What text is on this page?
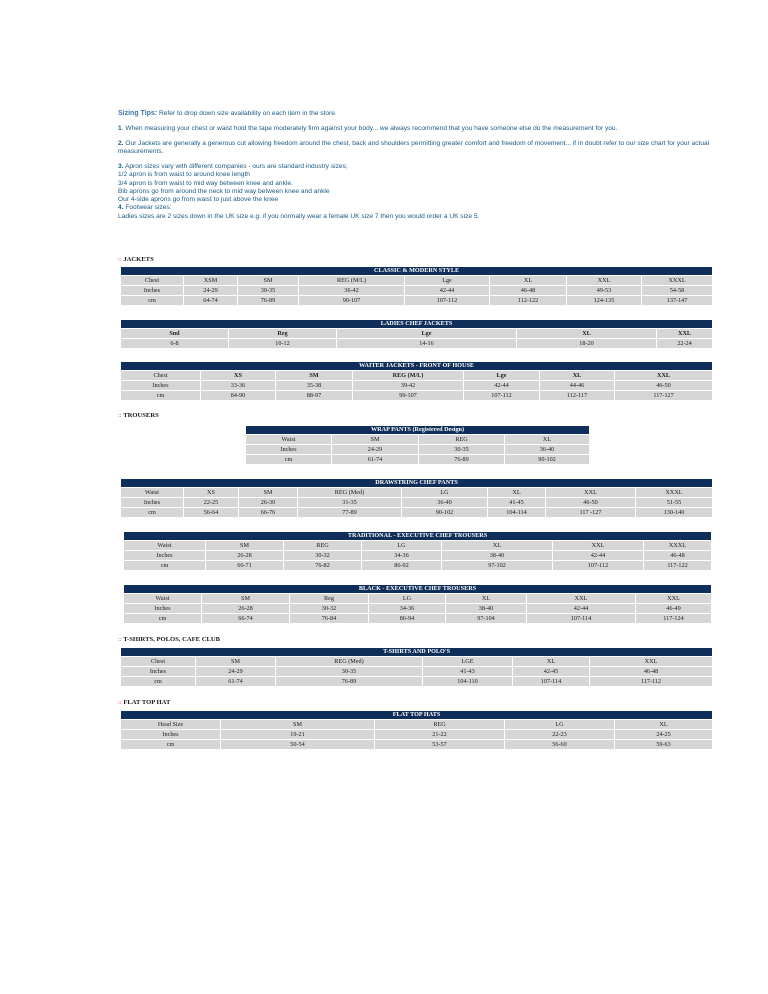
Sizing Tips: Refer to drop down size availability on each item in the store.

1. When measuring your chest or waist hold the tape moderately firm against your body... we always recommend that you have someone else do the measurement for you.

2. Our Jackets are generally a generous cut allowing freedom around the chest, back and shoulders permitting greater comfort and freedom of movement... if in doubt refer to our size chart for your actual measurements.

3. Apron sizes vary with different companies - ours are standard industry sizes;

1/2 apron is from waist to around knee length

3/4 apron is from waist to mid way between knee and ankle.

Bib aprons go from around the neck to mid way between knee and ankle

Our 4-side aprons go from waist to just above the knee

4. Footwear sizes:

Ladies sizes are 2 sizes down in the UK size e.g. if you normally wear a female UK size 7 then you would order a UK size 5.

:: JACKETS
:: TROUSERS
:: T-SHIRTS, POLOS, CAFE CLUB
:: FLAT TOP HAT
CLASSIC & MODERN STYLE							
Chest	XSM	SM	REG (M/L)	Lge	XL	XXL	XXXL
Inches	24-29	30-35	36-42	42-44	46-48	49-53	54-58
cm	64-74	76-89	90-107	107-112	112-122	124-135	137-147
LADIES CHEF JACKETS				
Sml	Reg	Lge	XL	XXL
6-8	10-12	14-16	18-20	22-24
WAITER JACKETS - FRONT OF HOUSE						
Chest	XS	SM	REG (M/L)	Lge	XL	XXL
Inches	33-36	35-38	39-42	42-44	44-46	46-50
cm	84-90	88-97	99-107	107-112	112-117	117-127
WRAP PANTS (Registered Design)			
Waist	SM	REG	XL
Inches	24-29	30-35	36-40
cm	61-74	76-89	90-102
DRAWSTRING CHEF PANTS							
Waist	XS	SM	REG (Med)	LG	XL	XXL	XXXL
Inches	22-25	26-30	31-35	36-40	41-45	46-50	51-55
cm	56-64	66-76	77-89	90-102	104-114	117 -127	130-140
TRADITIONAL - EXECUTIVE CHEF TROUSERS						
Waist	SM	REG	LG	XL	XXL	XXXL
Inches	26-28	30-32	34-36	38-40	42-44	46-48
cm	66-71	76-82	86-92	97-102	107-112	117-122
BLACK - EXECUTIVE CHEF TROUSERS						
Waist	SM	Reg	LG	XL	XXL	XXL
Inches	26-28	30-32	34-36	38-40	42-44	46-49
cm	66-74	76-84	86-94	97-104	107-114	117-124
T-SHIRTS AND POLO'S					
Chest	SM	REG (Med)	LGE	XL	XXL
Inches	24-29	30-35	41-43	42-45	46-48
cm	61-74	76-89	104-110	107-114	117-112
FLAT TOP HATS				
Head Size	SM	REG	LG	XL
Inches	19-21	21-22	22-23	24-25
cm	50-54	53-57	56-60	59-63
